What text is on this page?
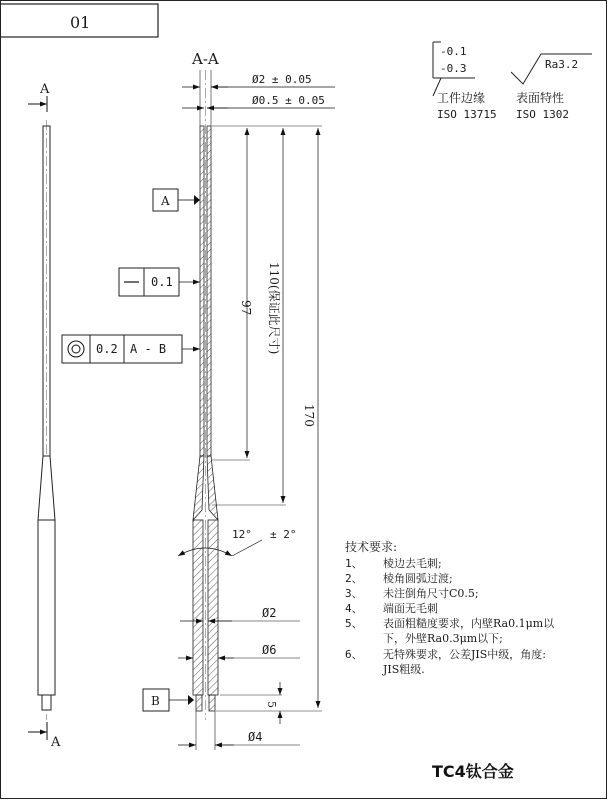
01
A
A
A-A
Ø2 ± 0.05
Ø0.5 ± 0.05
97 110(保证此尺寸)
170
5
12° ± 2°
Ø2
Ø6
Ø4
A
B
0.1
0.2 A - B
-0.1
-0.3
工件边缘
ISO 13715
Ra3.2
表面特性
ISO 1302
技术要求:
1、 棱边去毛刺;
2、 棱角圆弧过渡;
3、 未注倒角尺寸C0.5;
4、 端面无毛刺
5、 表面粗糙度要求，内壁Ra0.1μm以
下，外壁Ra0.3μm以下;
6、 无特殊要求，公差JIS中级，角度:
JIS粗级.
TC4钛合金
